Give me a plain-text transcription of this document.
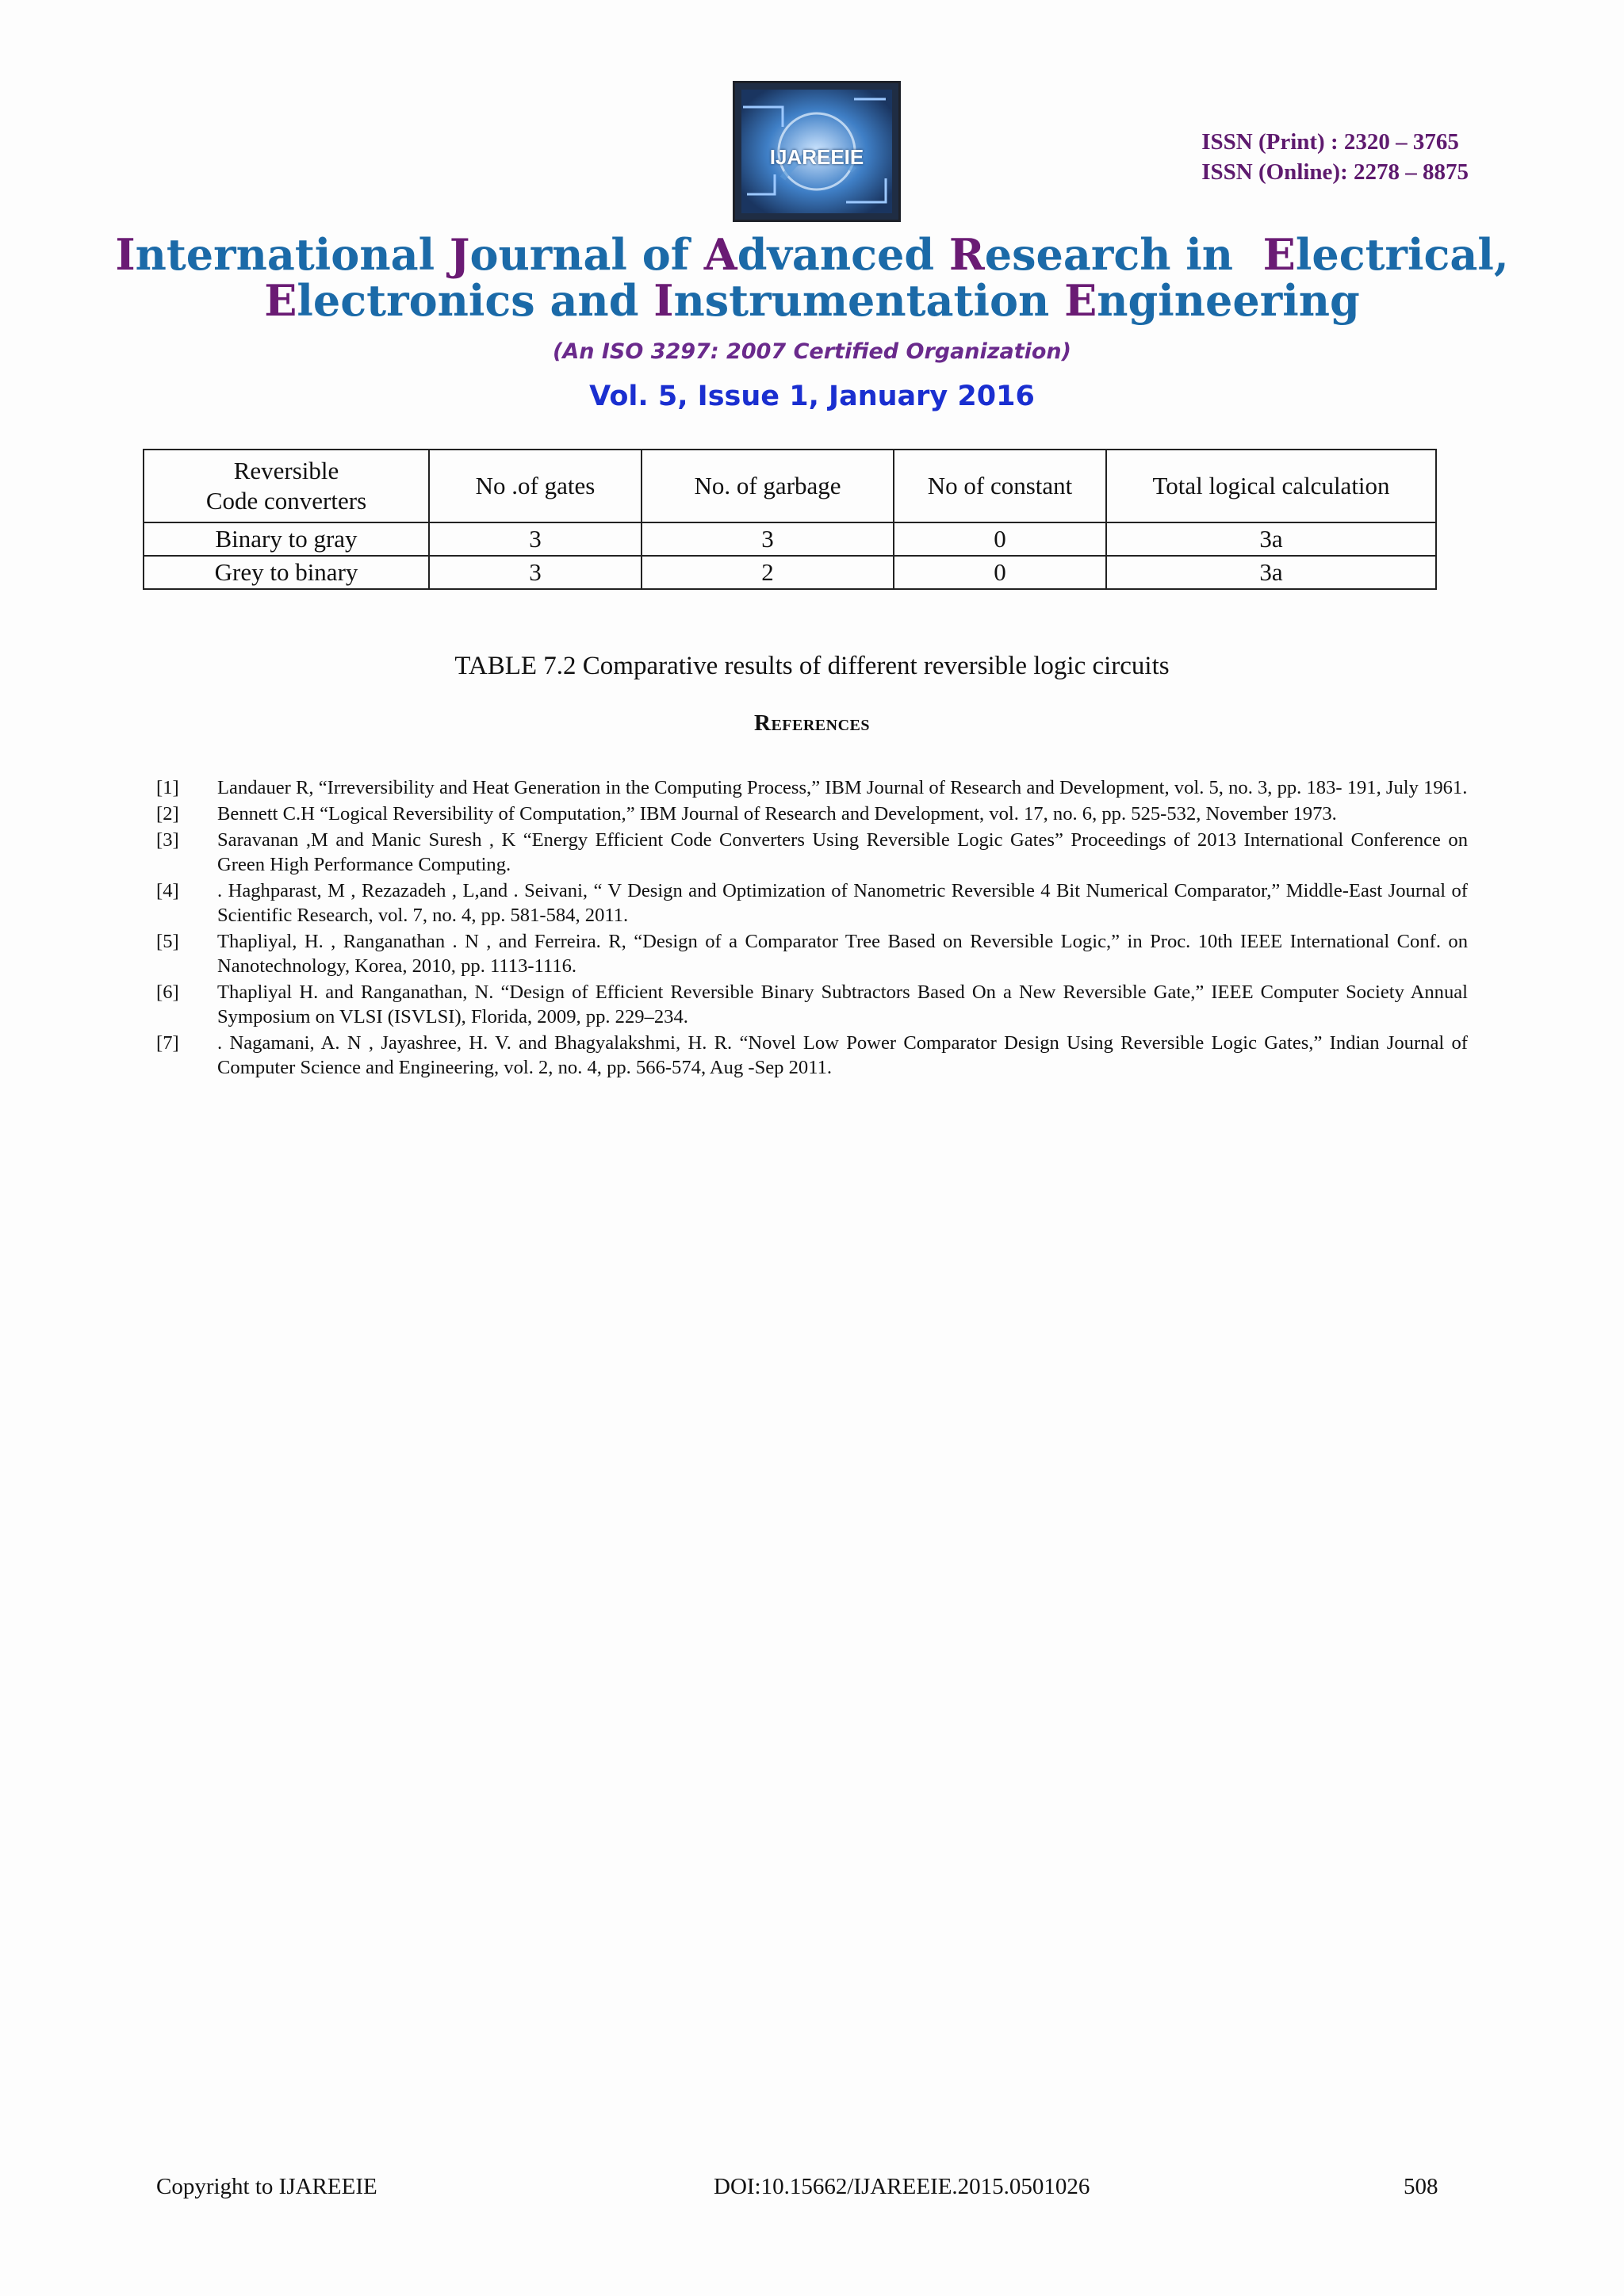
IJAREEIE
ISSN (Print) : 2320 – 3765
ISSN (Online): 2278 – 8875
International Journal of Advanced Research in  Electrical,
Electronics and Instrumentation Engineering
(An ISO 3297: 2007 Certified Organization)
Vol. 5, Issue 1, January 2016
Reversible
Code converters	No .of gates	No. of garbage	No of constant	Total logical calculation
Binary to gray	3	3	0	3a
Grey to binary	3	2	0	3a
TABLE 7.2 Comparative results of different reversible logic circuits
References
[1] Landauer R, “Irreversibility and Heat Generation in the Computing Process,” IBM Journal of Research and Development, vol. 5, no. 3, pp. 183- 191, July 1961.
[2] Bennett C.H “Logical Reversibility of Computation,” IBM Journal of Research and Development, vol. 17, no. 6, pp. 525-532, November 1973.
[3] Saravanan ,M and Manic Suresh , K “Energy Efficient Code Converters Using Reversible Logic Gates” Proceedings of 2013 International Conference on Green High Performance Computing.
[4] . Haghparast, M , Rezazadeh , L,and . Seivani, “ V Design and Optimization of Nanometric Reversible 4 Bit Numerical Comparator,” Middle-East Journal of Scientific Research, vol. 7, no. 4, pp. 581-584, 2011.
[5] Thapliyal, H. , Ranganathan . N , and Ferreira. R, “Design of a Comparator Tree Based on Reversible Logic,” in Proc. 10th IEEE International Conf. on Nanotechnology, Korea, 2010, pp. 1113-1116.
[6] Thapliyal H. and Ranganathan, N. “Design of Efficient Reversible Binary Subtractors Based On a New Reversible Gate,” IEEE Computer Society Annual Symposium on VLSI (ISVLSI), Florida, 2009, pp. 229–234.
[7] . Nagamani, A. N , Jayashree, H. V. and Bhagyalakshmi, H. R. “Novel Low Power Comparator Design Using Reversible Logic Gates,” Indian Journal of Computer Science and Engineering, vol. 2, no. 4, pp. 566-574, Aug -Sep 2011.
Copyright to IJAREEIE	DOI:10.15662/IJAREEIE.2015.0501026	508
